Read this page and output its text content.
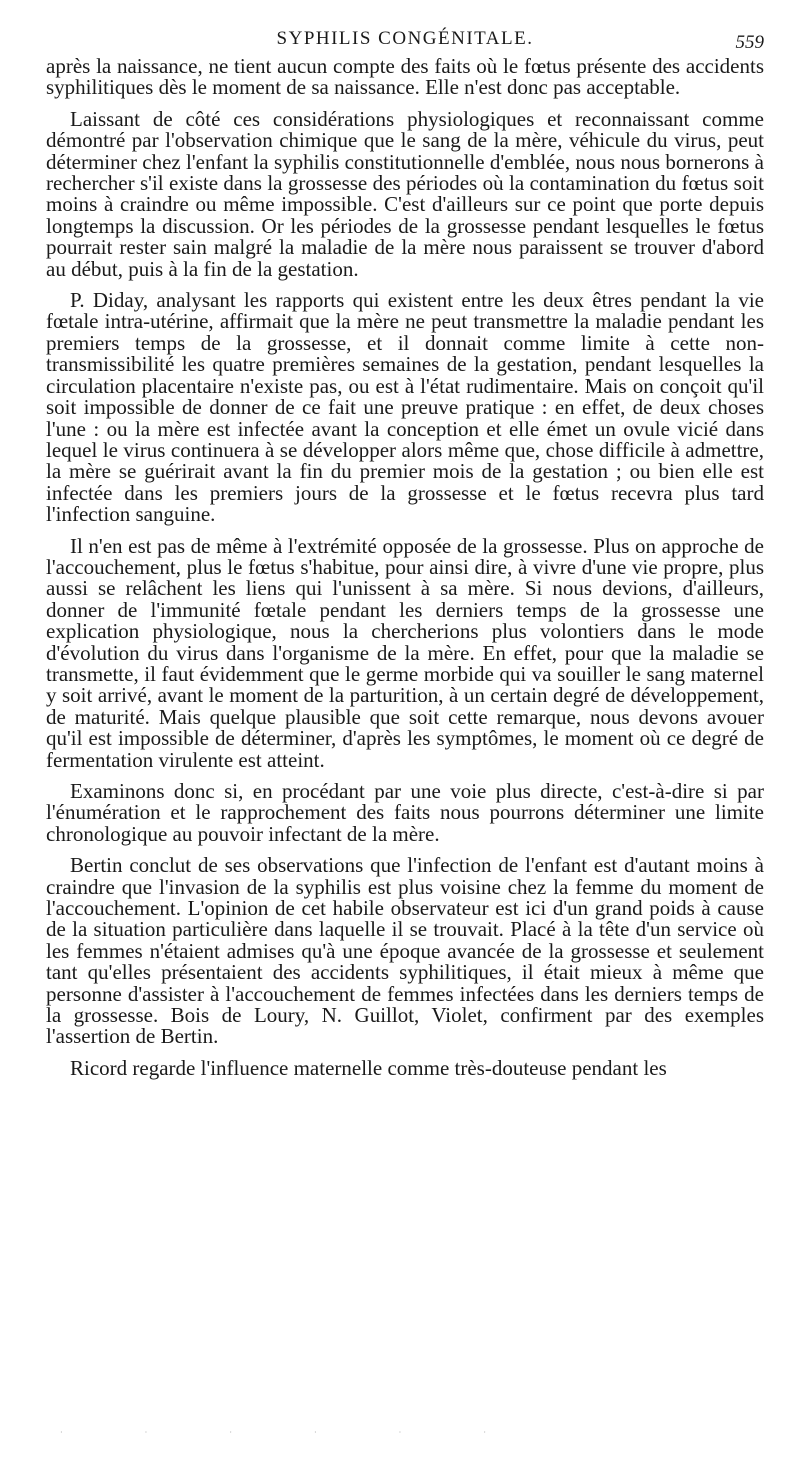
SYPHILIS CONGÉNITALE.	559

après la naissance, ne tient aucun compte des faits où le fœtus présente des accidents syphilitiques dès le moment de sa naissance. Elle n'est donc pas acceptable.

Laissant de côté ces considérations physiologiques et reconnaissant comme démontré par l'observation chimique que le sang de la mère, véhicule du virus, peut déterminer chez l'enfant la syphilis constitutionnelle d'emblée, nous nous bornerons à rechercher s'il existe dans la grossesse des périodes où la contamination du fœtus soit moins à craindre ou même impossible. C'est d'ailleurs sur ce point que porte depuis longtemps la discussion. Or les périodes de la grossesse pendant lesquelles le fœtus pourrait rester sain malgré la maladie de la mère nous paraissent se trouver d'abord au début, puis à la fin de la gestation.

P. Diday, analysant les rapports qui existent entre les deux êtres pendant la vie fœtale intra-utérine, affirmait que la mère ne peut transmettre la maladie pendant les premiers temps de la grossesse, et il donnait comme limite à cette non-transmissibilité les quatre premières semaines de la gestation, pendant lesquelles la circulation placentaire n'existe pas, ou est à l'état rudimentaire. Mais on conçoit qu'il soit impossible de donner de ce fait une preuve pratique : en effet, de deux choses l'une : ou la mère est infectée avant la conception et elle émet un ovule vicié dans lequel le virus continuera à se développer alors même que, chose difficile à admettre, la mère se guérirait avant la fin du premier mois de la gestation ; ou bien elle est infectée dans les premiers jours de la grossesse et le fœtus recevra plus tard l'infection sanguine.

Il n'en est pas de même à l'extrémité opposée de la grossesse. Plus on approche de l'accouchement, plus le fœtus s'habitue, pour ainsi dire, à vivre d'une vie propre, plus aussi se relâchent les liens qui l'unissent à sa mère. Si nous devions, d'ailleurs, donner de l'immunité fœtale pendant les derniers temps de la grossesse une explication physiologique, nous la chercherions plus volontiers dans le mode d'évolution du virus dans l'organisme de la mère. En effet, pour que la maladie se transmette, il faut évidemment que le germe morbide qui va souiller le sang maternel y soit arrivé, avant le moment de la parturition, à un certain degré de développement, de maturité. Mais quelque plausible que soit cette remarque, nous devons avouer qu'il est impossible de déterminer, d'après les symptômes, le moment où ce degré de fermentation virulente est atteint.

Examinons donc si, en procédant par une voie plus directe, c'est-à-dire si par l'énumération et le rapprochement des faits nous pourrons déterminer une limite chronologique au pouvoir infectant de la mère.

Bertin conclut de ses observations que l'infection de l'enfant est d'autant moins à craindre que l'invasion de la syphilis est plus voisine chez la femme du moment de l'accouchement. L'opinion de cet habile observateur est ici d'un grand poids à cause de la situation particulière dans laquelle il se trouvait. Placé à la tête d'un service où les femmes n'étaient admises qu'à une époque avancée de la grossesse et seulement tant qu'elles présentaient des accidents syphilitiques, il était mieux à même que personne d'assister à l'accouchement de femmes infectées dans les derniers temps de la grossesse. Bois de Loury, N. Guillot, Violet, confirment par des exemples l'assertion de Bertin.

Ricord regarde l'influence maternelle comme très-douteuse pendant les

· · · · · ·
